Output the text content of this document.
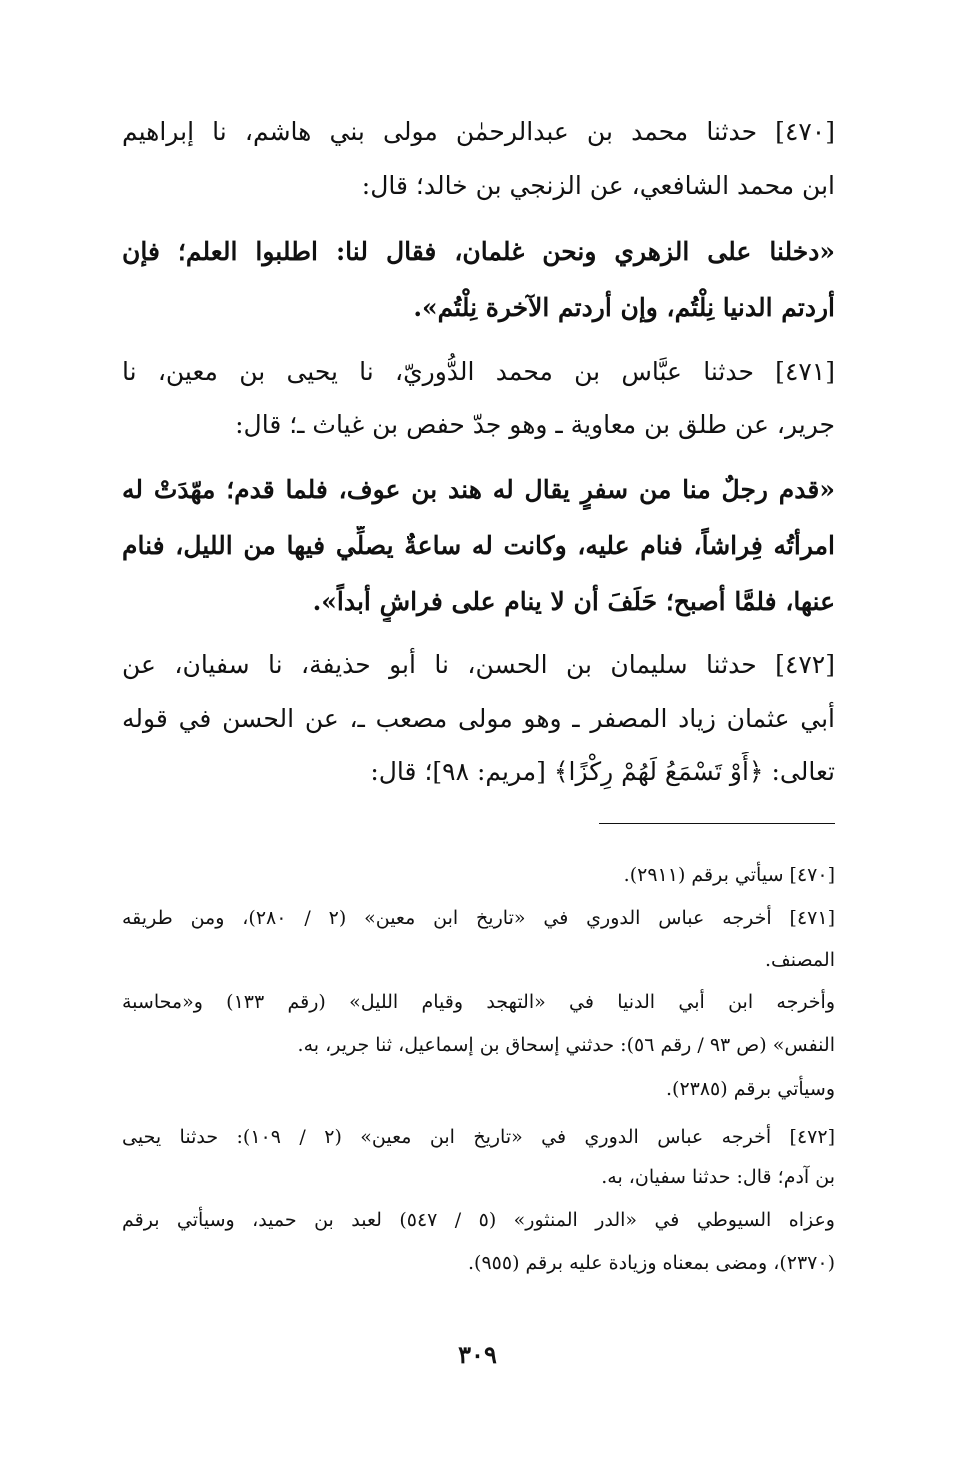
[٤٧٠] حدثنا محمد بن عبدالرحمٰن مولى بني هاشم، نا إبراهيم
ابن محمد الشافعي، عن الزنجي بن خالد؛ قال:
«دخلنا على الزهري ونحن غلمان، فقال لنا: اطلبوا العلم؛ فإن
أردتم الدنيا نِلْتُم، وإن أردتم الآخرة نِلْتُم».
[٤٧١] حدثنا عبَّاس بن محمد الدُّوريّ، نا يحيى بن معين، نا
جرير، عن طلق بن معاوية ـ وهو جدّ حفص بن غياث ـ؛ قال:
«قدم رجلٌ منا من سفرٍ يقال له هند بن عوف، فلما قدم؛ مهّدَتْ له
امرأتُه فِراشاً، فنام عليه، وكانت له ساعةٌ يصلِّي فيها من الليل، فنام
عنها، فلمَّا أصبح؛ حَلَفَ أن لا ينام على فراشٍ أبداً».
[٤٧٢] حدثنا سليمان بن الحسن، نا أبو حذيفة، نا سفيان، عن
أبي عثمان زياد المصفر ـ وهو مولى مصعب ـ، عن الحسن في قوله
تعالى: ﴿أَوْ تَسْمَعُ لَهُمْ رِكْزًا﴾ [مريم: ٩٨]؛ قال:
[٤٧٠] سيأتي برقم (٢٩١١).
[٤٧١] أخرجه عباس الدوري في «تاريخ ابن معين» (٢ / ٢٨٠)، ومن طريقه
المصنف.
وأخرجه ابن أبي الدنيا في «التهجد وقيام الليل» (رقم ١٣٣) و«محاسبة
النفس» (ص ٩٣ / رقم ٥٦): حدثني إسحاق بن إسماعيل، ثنا جرير، به.
وسيأتي برقم (٢٣٨٥).
[٤٧٢] أخرجه عباس الدوري في «تاريخ ابن معين» (٢ / ١٠٩): حدثنا يحيى
بن آدم؛ قال: حدثنا سفيان، به.
وعزاه السيوطي في «الدر المنثور» (٥ / ٥٤٧) لعبد بن حميد، وسيأتي برقم
(٢٣٧٠)، ومضى بمعناه وزيادة عليه برقم (٩٥٥).
٣٠٩
